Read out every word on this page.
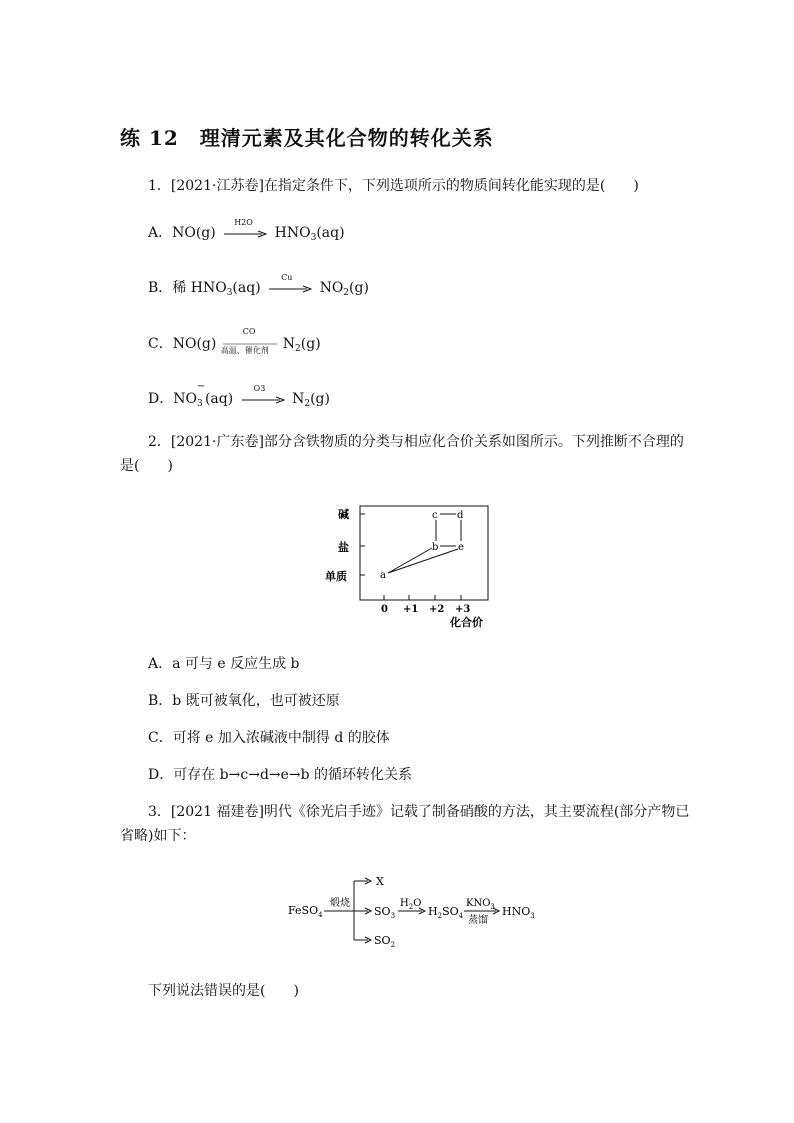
练 12　理清元素及其化合物的转化关系
1．[2021·江苏卷]在指定条件下，下列选项所示的物质间转化能实现的是(　　)
A．NO(g)
H2O
$HNO_3(aq)$
B．稀 $HNO_3(aq)$
Cu
$NO_2(g)$
C．NO(g)
CO
高温、催化剂 $N_2(g)$
D．NO
−
$_3$ (aq)
O3
$N_2(g)$
2．[2021·广东卷]部分含铁物质的分类与相应化合价关系如图所示。下列推断不合理的
是(　　)
碱
盐
单质
0 +1 +2 +3
化合价
a
b
c d
e
A．a 可与 e 反应生成 b
B．b 既可被氧化，也可被还原
C．可将 e 加入浓碱液中制得 d 的胶体
D．可存在 b→c→d→e→b 的循环转化关系
3．[2021 福建卷]明代《徐光启手迹》记载了制备硝酸的方法，其主要流程(部分产物已
省略)如下：
FeSO$_4$
煅烧
X
$SO_3$
$SO_2$
$H_2O$
$H_2SO_4$
$KNO_3$
蒸馏
$HNO_3$
下列说法错误的是(　　)
